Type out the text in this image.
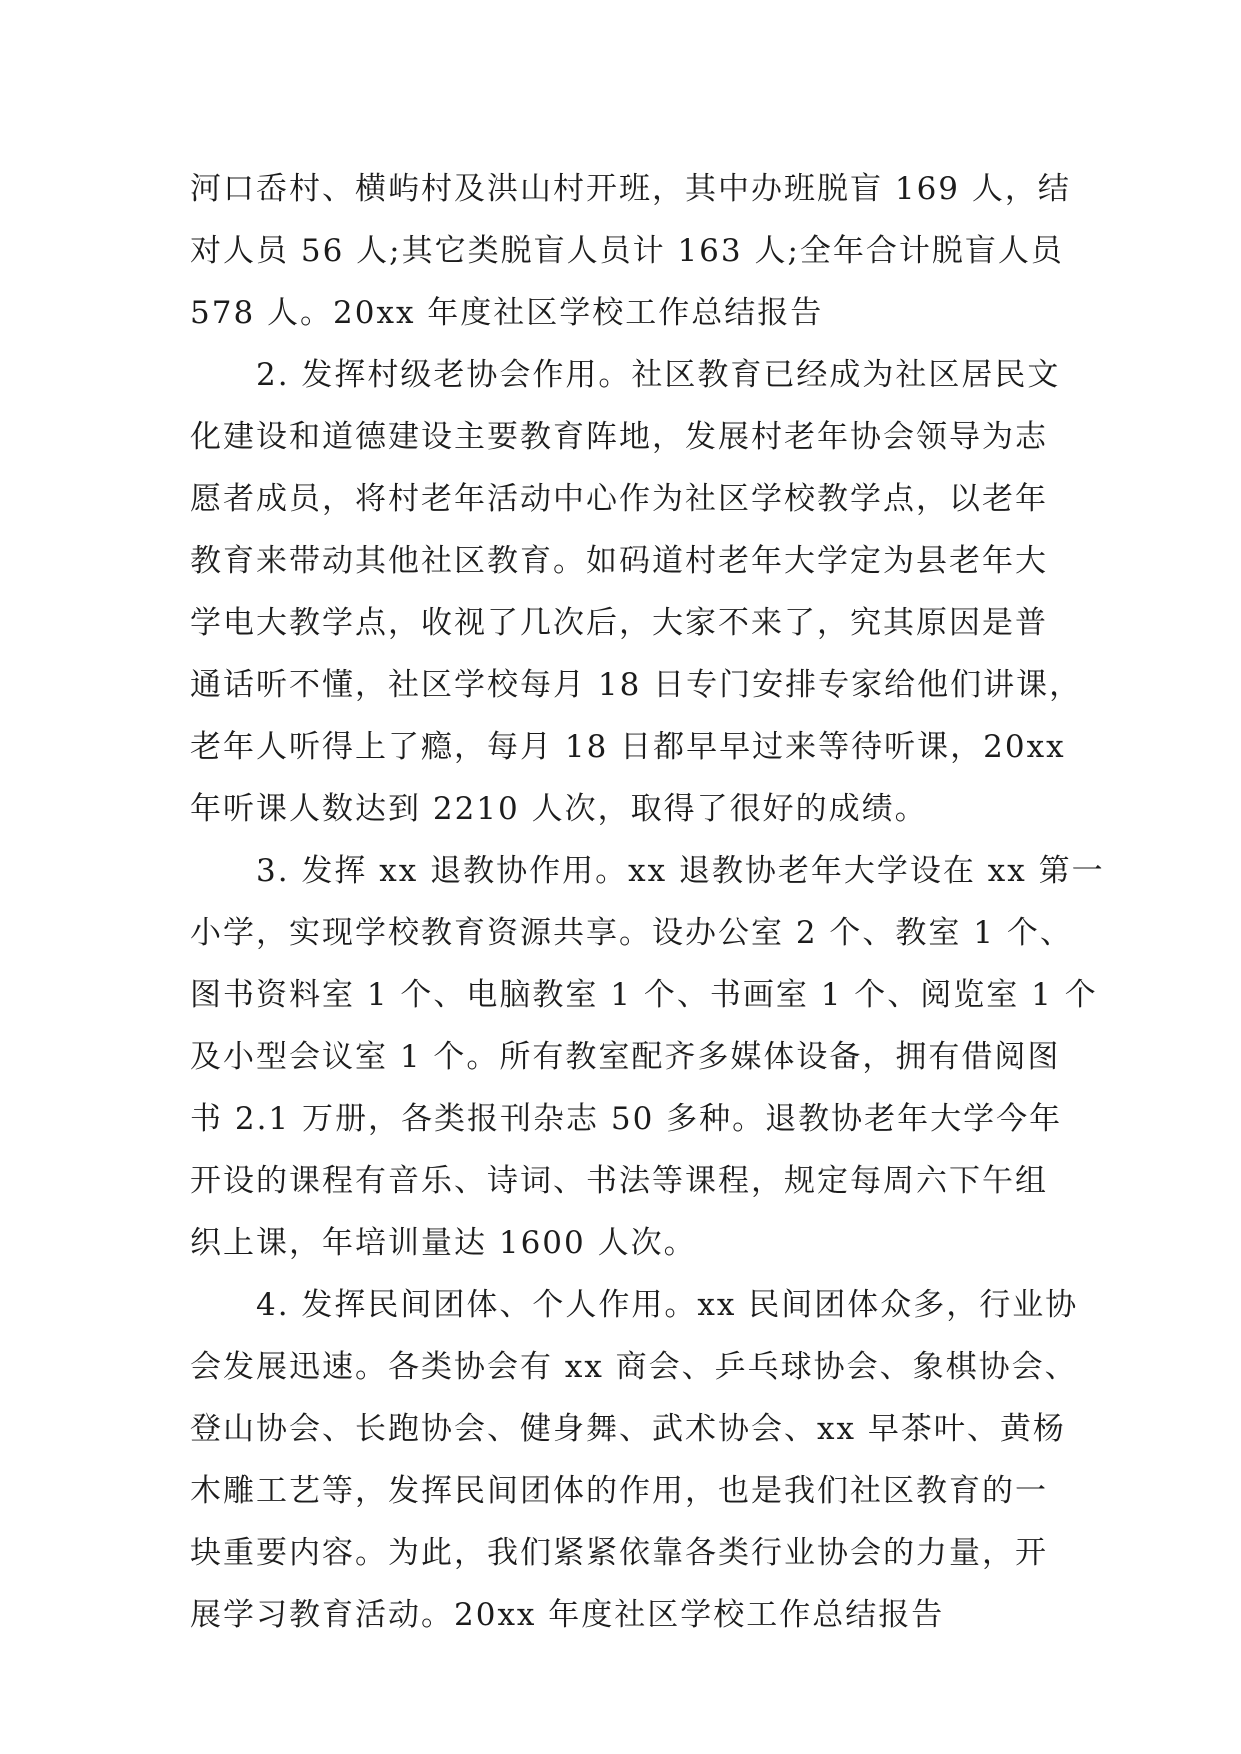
河口岙村、横屿村及洪山村开班，其中办班脱盲 169 人，结
对人员 56 人;其它类脱盲人员计 163 人;全年合计脱盲人员
578 人。20xx 年度社区学校工作总结报告
2. 发挥村级老协会作用。社区教育已经成为社区居民文
化建设和道德建设主要教育阵地，发展村老年协会领导为志
愿者成员，将村老年活动中心作为社区学校教学点，以老年
教育来带动其他社区教育。如码道村老年大学定为县老年大
学电大教学点，收视了几次后，大家不来了，究其原因是普
通话听不懂，社区学校每月 18 日专门安排专家给他们讲课，
老年人听得上了瘾，每月 18 日都早早过来等待听课，20xx
年听课人数达到 2210 人次，取得了很好的成绩。
3. 发挥 xx 退教协作用。xx 退教协老年大学设在 xx 第一
小学，实现学校教育资源共享。设办公室 2 个、教室 1 个、
图书资料室 1 个、电脑教室 1 个、书画室 1 个、阅览室 1 个
及小型会议室 1 个。所有教室配齐多媒体设备，拥有借阅图
书 2.1 万册，各类报刊杂志 50 多种。退教协老年大学今年
开设的课程有音乐、诗词、书法等课程，规定每周六下午组
织上课，年培训量达 1600 人次。
4. 发挥民间团体、个人作用。xx 民间团体众多，行业协
会发展迅速。各类协会有 xx 商会、乒乓球协会、象棋协会、
登山协会、长跑协会、健身舞、武术协会、xx 早茶叶、黄杨
木雕工艺等，发挥民间团体的作用，也是我们社区教育的一
块重要内容。为此，我们紧紧依靠各类行业协会的力量，开
展学习教育活动。20xx 年度社区学校工作总结报告
